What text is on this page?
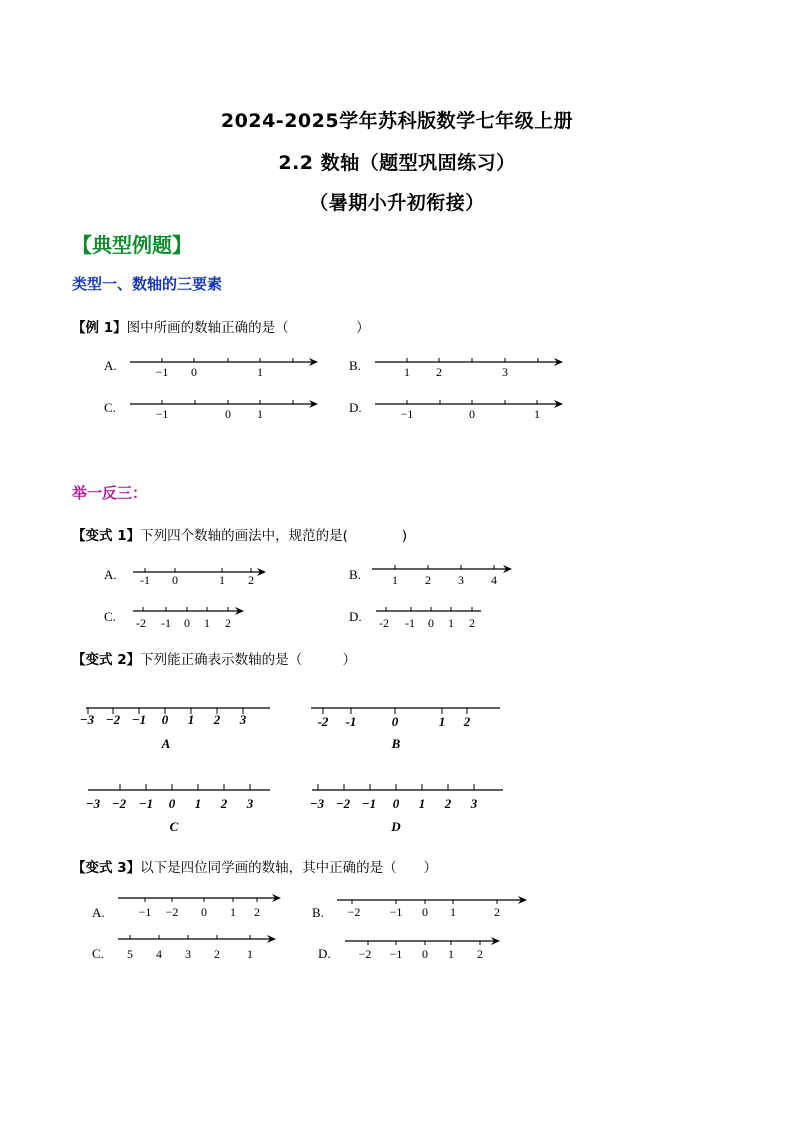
2024-2025学年苏科版数学七年级上册
2.2 数轴（题型巩固练习）
（暑期小升初衔接）
【典型例题】
类型一、数轴的三要素
【例 1】图中所画的数轴正确的是（　　　　　）
A.	B.
C.	D.
举一反三：
【变式 1】下列四个数轴的画法中，规范的是(　　　　)
A.	B.
C.	D.
【变式 2】下列能正确表示数轴的是（　　　）
【变式 3】以下是四位同学画的数轴，其中正确的是（　　）
A.	B.
C.	D.
−1 0	1	1 2	3
−1	0 1	−1	0	1
-1 0	1 2	1 2 3 4
-2 -1 0 1 2	-2 -1 0 1 2
−3 −2 −1 0 1 2 3	-2 -1	0	1 2
−3 −2 −1 0 1 2 3	−3 −2 −1 0 1 2 3
A	B
C	D
−1 −2 0 1 2	−2 −1 0 1	2
5 4 3 2 1	−2 −1 0 1 2
